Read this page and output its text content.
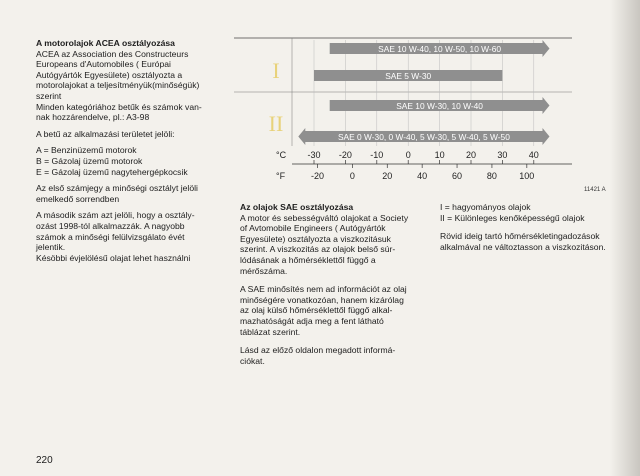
A motorolajok ACEA osztályozása
ACEA az Association des Constructeurs
Europeans d'Automobiles ( Európai
Autógyártók Egyesülete) osztályozta a
motorolajokat a teljesítményük(minőségük)
szerint
Minden kategóriához betűk és számok van-
nak hozzárendelve, pl.: A3-98

A betű az alkalmazási területet jelöli:

A = Benzinüzemű motorok
B = Gázolaj üzemű motorok
E = Gázolaj üzemű nagytehergépkocsik

Az első számjegy a minőségi osztályt jelöli
emelkedő sorrendben

A második szám azt jelöli, hogy a osztály-
ozást 1998-tól alkalmazzák. A nagyobb
számok a minőségi felülvizsgálato évét
jelentik.
Késöbbi évjelölésű olajat lehet használni

220
I
II
SAE 10 W-40, 10 W-50, 10 W-60
SAE 5 W-30
SAE 10 W-30, 10 W-40
SAE 0 W-30, 0 W-40, 5 W-30, 5 W-40, 5 W-50
°C -30 -20 -10 0	10 20 30 40
°F	-20	0	20	40	60	80 100
11421 A

Az olajok SAE osztályozása
A motor és sebességváltó olajokat a Society
of Avtomobile Engineers ( Autógyártók
Egyesülete) osztályozta a viszkozitásuk
szerint. A viszkozitás az olajok belső súr-
lódásának a hőmérséklettől függő a
mérőszáma.

A SAE minősítés nem ad információt az olaj
minőségére vonatkozóan, hanem kizárólag
az olaj külső hőmérséklettől függő alkal-
mazhatóságát adja meg a fent látható
táblázat szerint.

Lásd az előző oldalon megadott informá-
ciókat.

I = hagyományos olajok
II = Különleges kenőképességű olajok

Rövid ideig tartó hőmérsékletingadozások
alkalmával ne változtasson a viszkozitáson.
